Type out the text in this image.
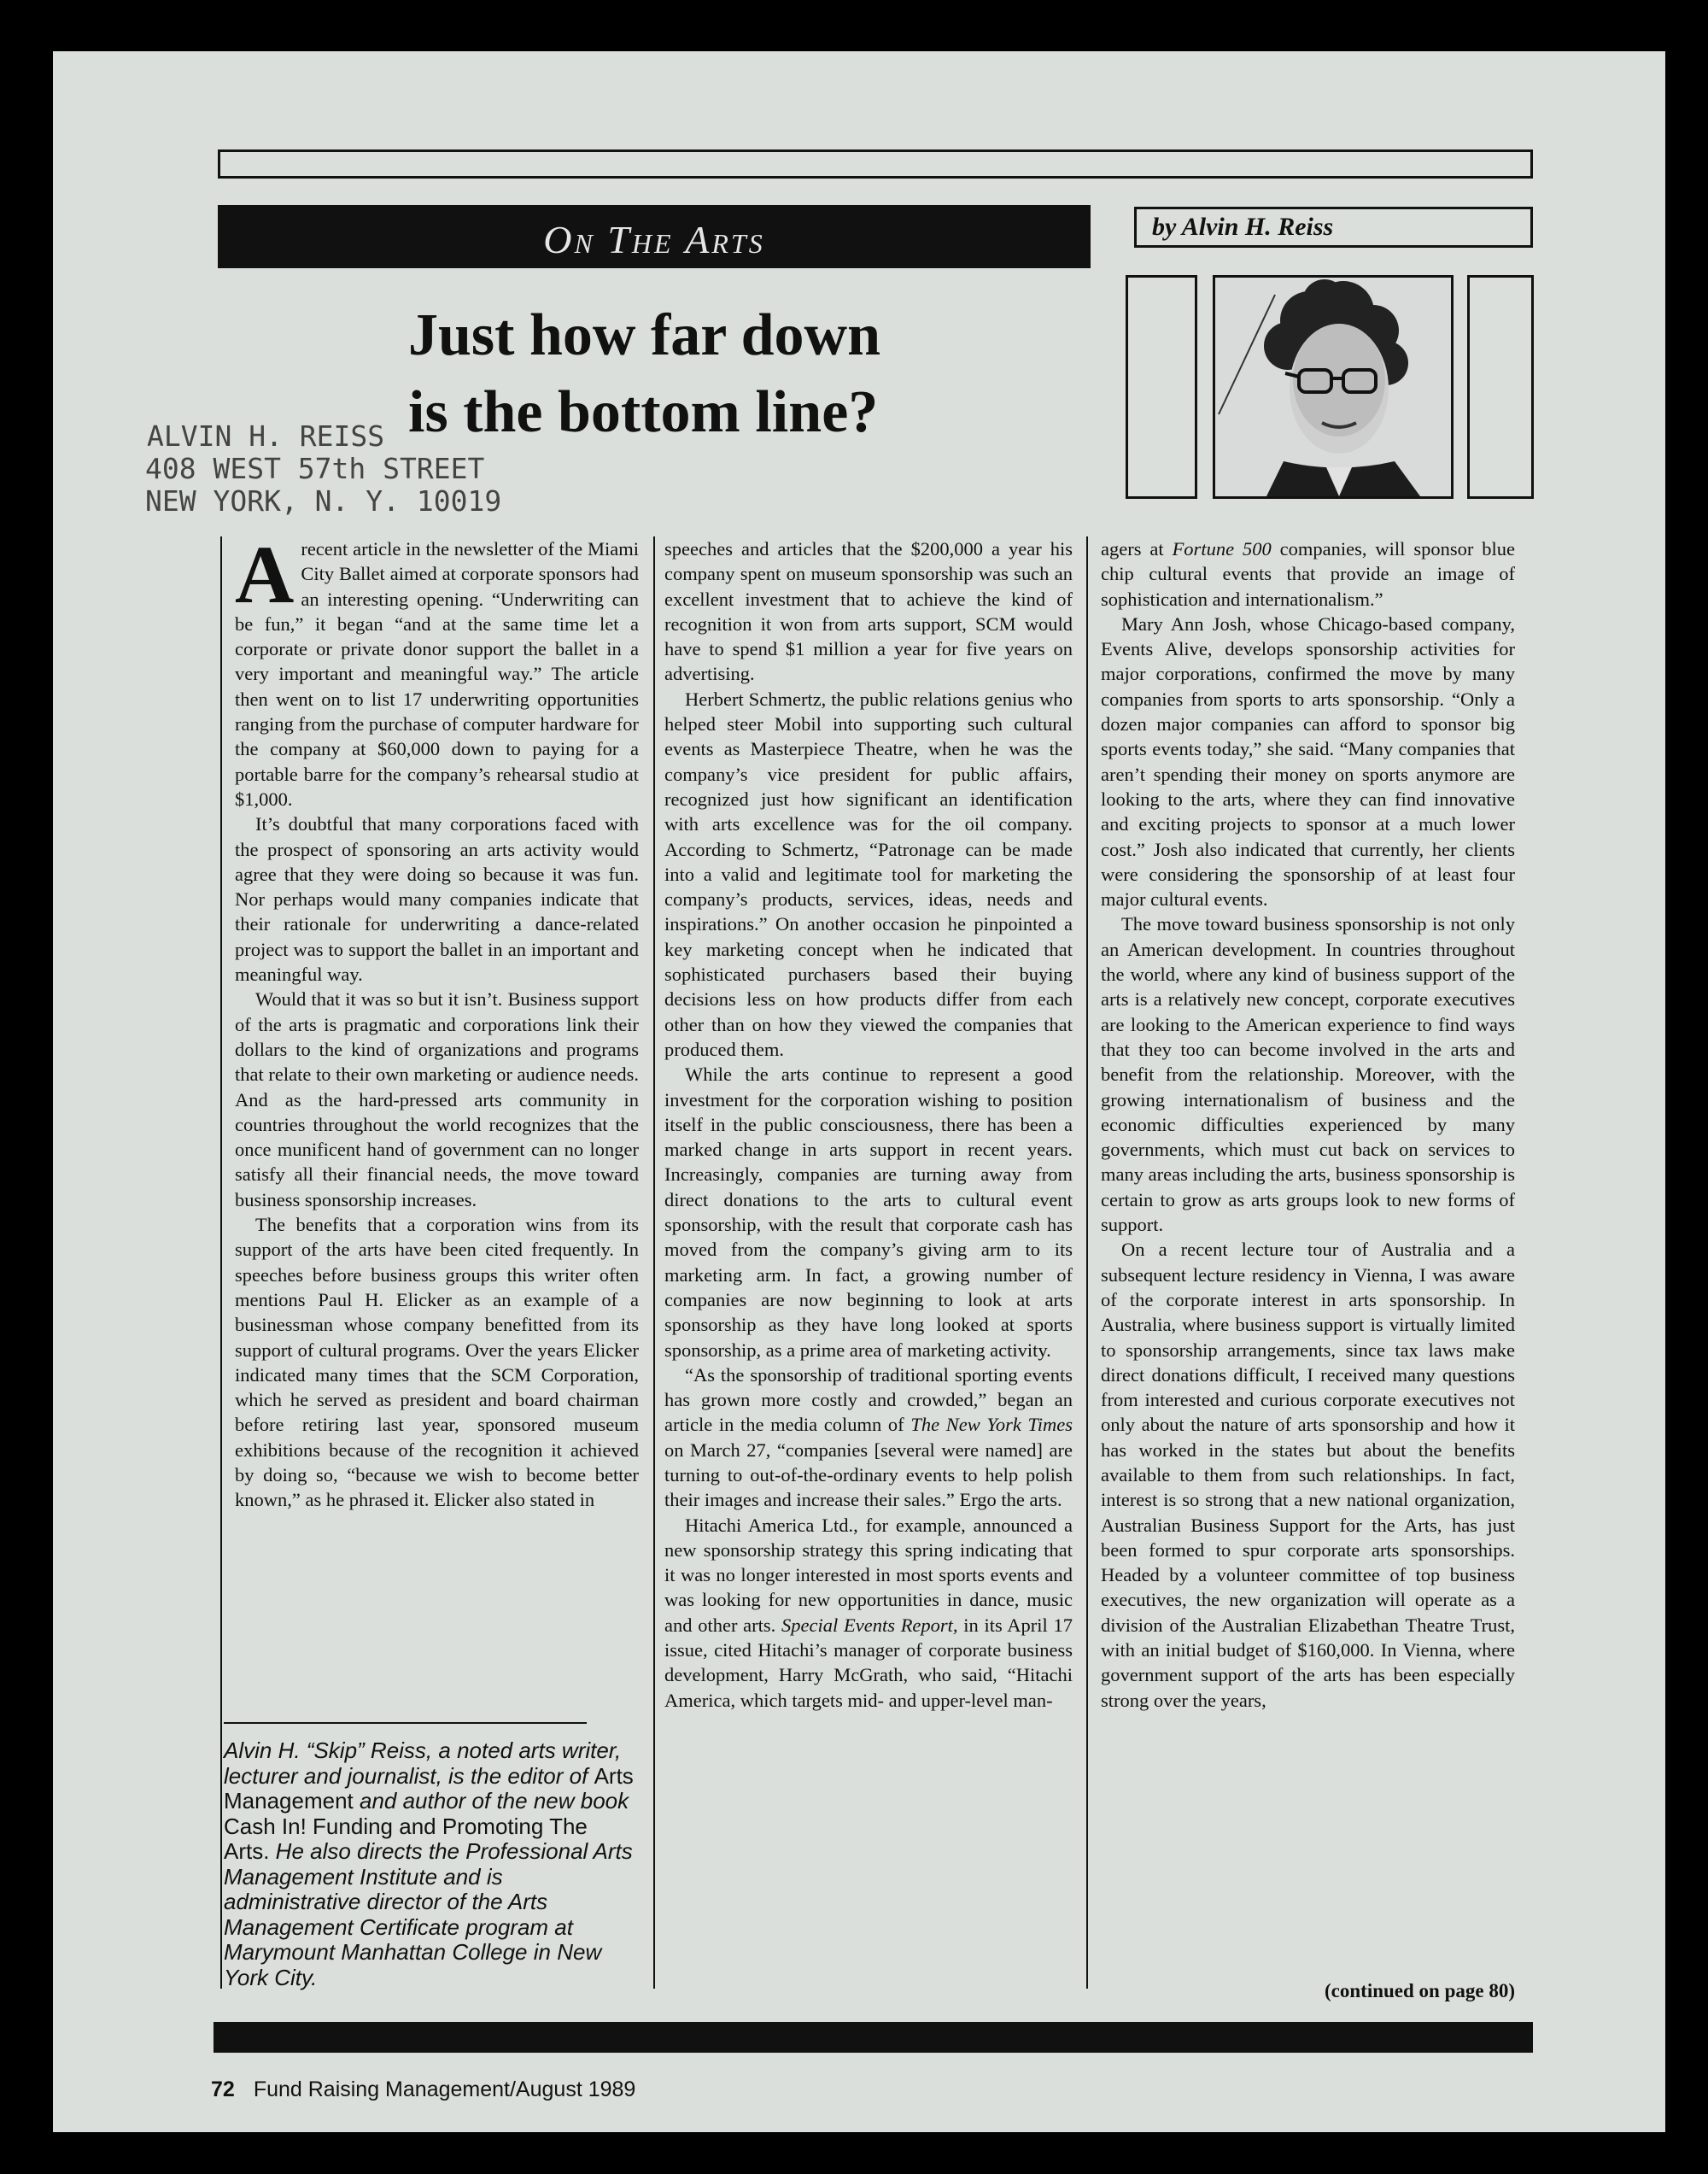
On The Arts	by Alvin H. Reiss
Just how far down
is the bottom line?
ALVIN H. REISS
408 WEST 57th STREET
NEW YORK, N. Y. 10019

Arecent article in the newsletter of the Miami City Ballet aimed at corporate sponsors had an interesting opening. “Underwriting can be fun,” it began “and at the same time let a corporate or private donor support the ballet in a very important and meaningful way.” The article then went on to list 17 underwriting opportunities ranging from the purchase of computer hardware for the company at $60,000 down to paying for a portable barre for the company’s rehearsal studio at $1,000.

It’s doubtful that many corporations faced with the prospect of sponsoring an arts activity would agree that they were doing so because it was fun. Nor perhaps would many companies indicate that their rationale for underwriting a dance-related project was to support the ballet in an important and meaningful way.

Would that it was so but it isn’t. Business support of the arts is pragmatic and corporations link their dollars to the kind of organizations and programs that relate to their own marketing or audience needs. And as the hard-pressed arts community in countries throughout the world recognizes that the once munificent hand of government can no longer satisfy all their financial needs, the move toward business sponsorship increases.

The benefits that a corporation wins from its support of the arts have been cited frequently. In speeches before business groups this writer often mentions Paul H. Elicker as an example of a businessman whose company benefitted from its support of cultural programs. Over the years Elicker indicated many times that the SCM Corporation, which he served as president and board chairman before retiring last year, sponsored museum exhibitions because of the recognition it achieved by doing so, “because we wish to become better known,” as he phrased it. Elicker also stated in

Alvin H. “Skip” Reiss, a noted arts writer, lecturer and journalist, is the editor of Arts Management and author of the new book Cash In! Funding and Promoting The Arts. He also directs the Professional Arts Management Institute and is administrative director of the Arts Management Certificate program at Marymount Manhattan College in New York City.

speeches and articles that the $200,000 a year his company spent on museum sponsorship was such an excellent investment that to achieve the kind of recognition it won from arts support, SCM would have to spend $1 million a year for five years on advertising.

Herbert Schmertz, the public relations genius who helped steer Mobil into supporting such cultural events as Masterpiece Theatre, when he was the company’s vice president for public affairs, recognized just how significant an identification with arts excellence was for the oil company. According to Schmertz, “Patronage can be made into a valid and legitimate tool for marketing the company’s products, services, ideas, needs and inspirations.” On another occasion he pinpointed a key marketing concept when he indicated that sophisticated purchasers based their buying decisions less on how products differ from each other than on how they viewed the companies that produced them.

While the arts continue to represent a good investment for the corporation wishing to position itself in the public consciousness, there has been a marked change in arts support in recent years. Increasingly, companies are turning away from direct donations to the arts to cultural event sponsorship, with the result that corporate cash has moved from the company’s giving arm to its marketing arm. In fact, a growing number of companies are now beginning to look at arts sponsorship as they have long looked at sports sponsorship, as a prime area of marketing activity.

“As the sponsorship of traditional sporting events has grown more costly and crowded,” began an article in the media column of The New York Times on March 27, “companies [several were named] are turning to out-of-the-ordinary events to help polish their images and increase their sales.” Ergo the arts.

Hitachi America Ltd., for example, announced a new sponsorship strategy this spring indicating that it was no longer interested in most sports events and was looking for new opportunities in dance, music and other arts. Special Events Report, in its April 17 issue, cited Hitachi’s manager of corporate business development, Harry McGrath, who said, “Hitachi America, which targets mid- and upper-level man-

agers at Fortune 500 companies, will sponsor blue chip cultural events that provide an image of sophistication and internationalism.”

Mary Ann Josh, whose Chicago-based company, Events Alive, develops sponsorship activities for major corporations, confirmed the move by many companies from sports to arts sponsorship. “Only a dozen major companies can afford to sponsor big sports events today,” she said. “Many companies that aren’t spending their money on sports anymore are looking to the arts, where they can find innovative and exciting projects to sponsor at a much lower cost.” Josh also indicated that currently, her clients were considering the sponsorship of at least four major cultural events.

The move toward business sponsorship is not only an American development. In countries throughout the world, where any kind of business support of the arts is a relatively new concept, corporate executives are looking to the American experience to find ways that they too can become involved in the arts and benefit from the relationship. Moreover, with the growing internationalism of business and the economic difficulties experienced by many governments, which must cut back on services to many areas including the arts, business sponsorship is certain to grow as arts groups look to new forms of support.

On a recent lecture tour of Australia and a subsequent lecture residency in Vienna, I was aware of the corporate interest in arts sponsorship. In Australia, where business support is virtually limited to sponsorship arrangements, since tax laws make direct donations difficult, I received many questions from interested and curious corporate executives not only about the nature of arts sponsorship and how it has worked in the states but about the benefits available to them from such relationships. In fact, interest is so strong that a new national organization, Australian Business Support for the Arts, has just been formed to spur corporate arts sponsorships. Headed by a volunteer committee of top business executives, the new organization will operate as a division of the Australian Elizabethan Theatre Trust, with an initial budget of $160,000. In Vienna, where government support of the arts has been especially strong over the years,

(continued on page 80)
72 Fund Raising Management/August 1989
